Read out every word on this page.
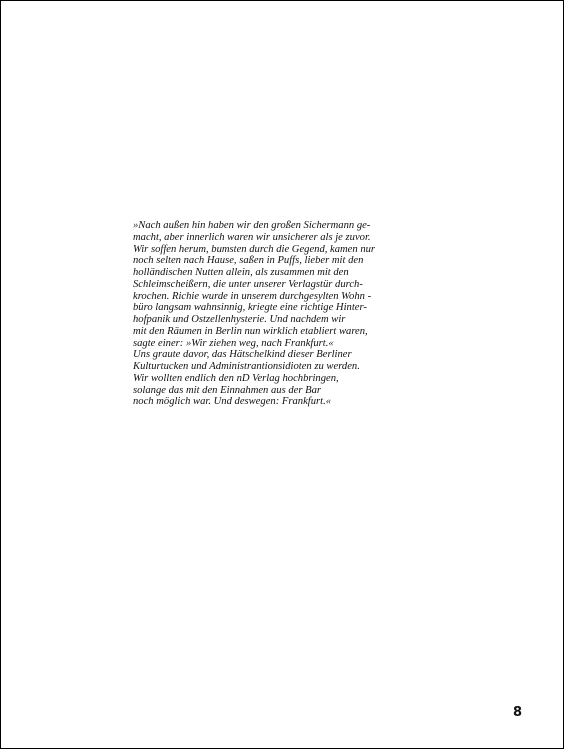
»Nach außen hin haben wir den großen Sichermann ge-
macht, aber innerlich waren wir unsicherer als je zuvor.
Wir soffen herum, bumsten durch die Gegend, kamen nur
noch selten nach Hause, saßen in Puffs, lieber mit den
holländischen Nutten allein, als zusammen mit den
Schleimscheißern, die unter unserer Verlagstür durch-
krochen. Richie wurde in unserem durchgesylten Wohn -
büro langsam wahnsinnig, kriegte eine richtige Hinter-
hofpanik und Ostzellenhysterie. Und nachdem wir
mit den Räumen in Berlin nun wirklich etabliert waren,
sagte einer: »Wir ziehen weg, nach Frankfurt.«
Uns graute davor, das Hätschelkind dieser Berliner
Kulturtucken und Administrantionsidioten zu werden.
Wir wollten endlich den nD Verlag hochbringen,
solange das mit den Einnahmen aus der Bar
noch möglich war. Und deswegen: Frankfurt.«

8
